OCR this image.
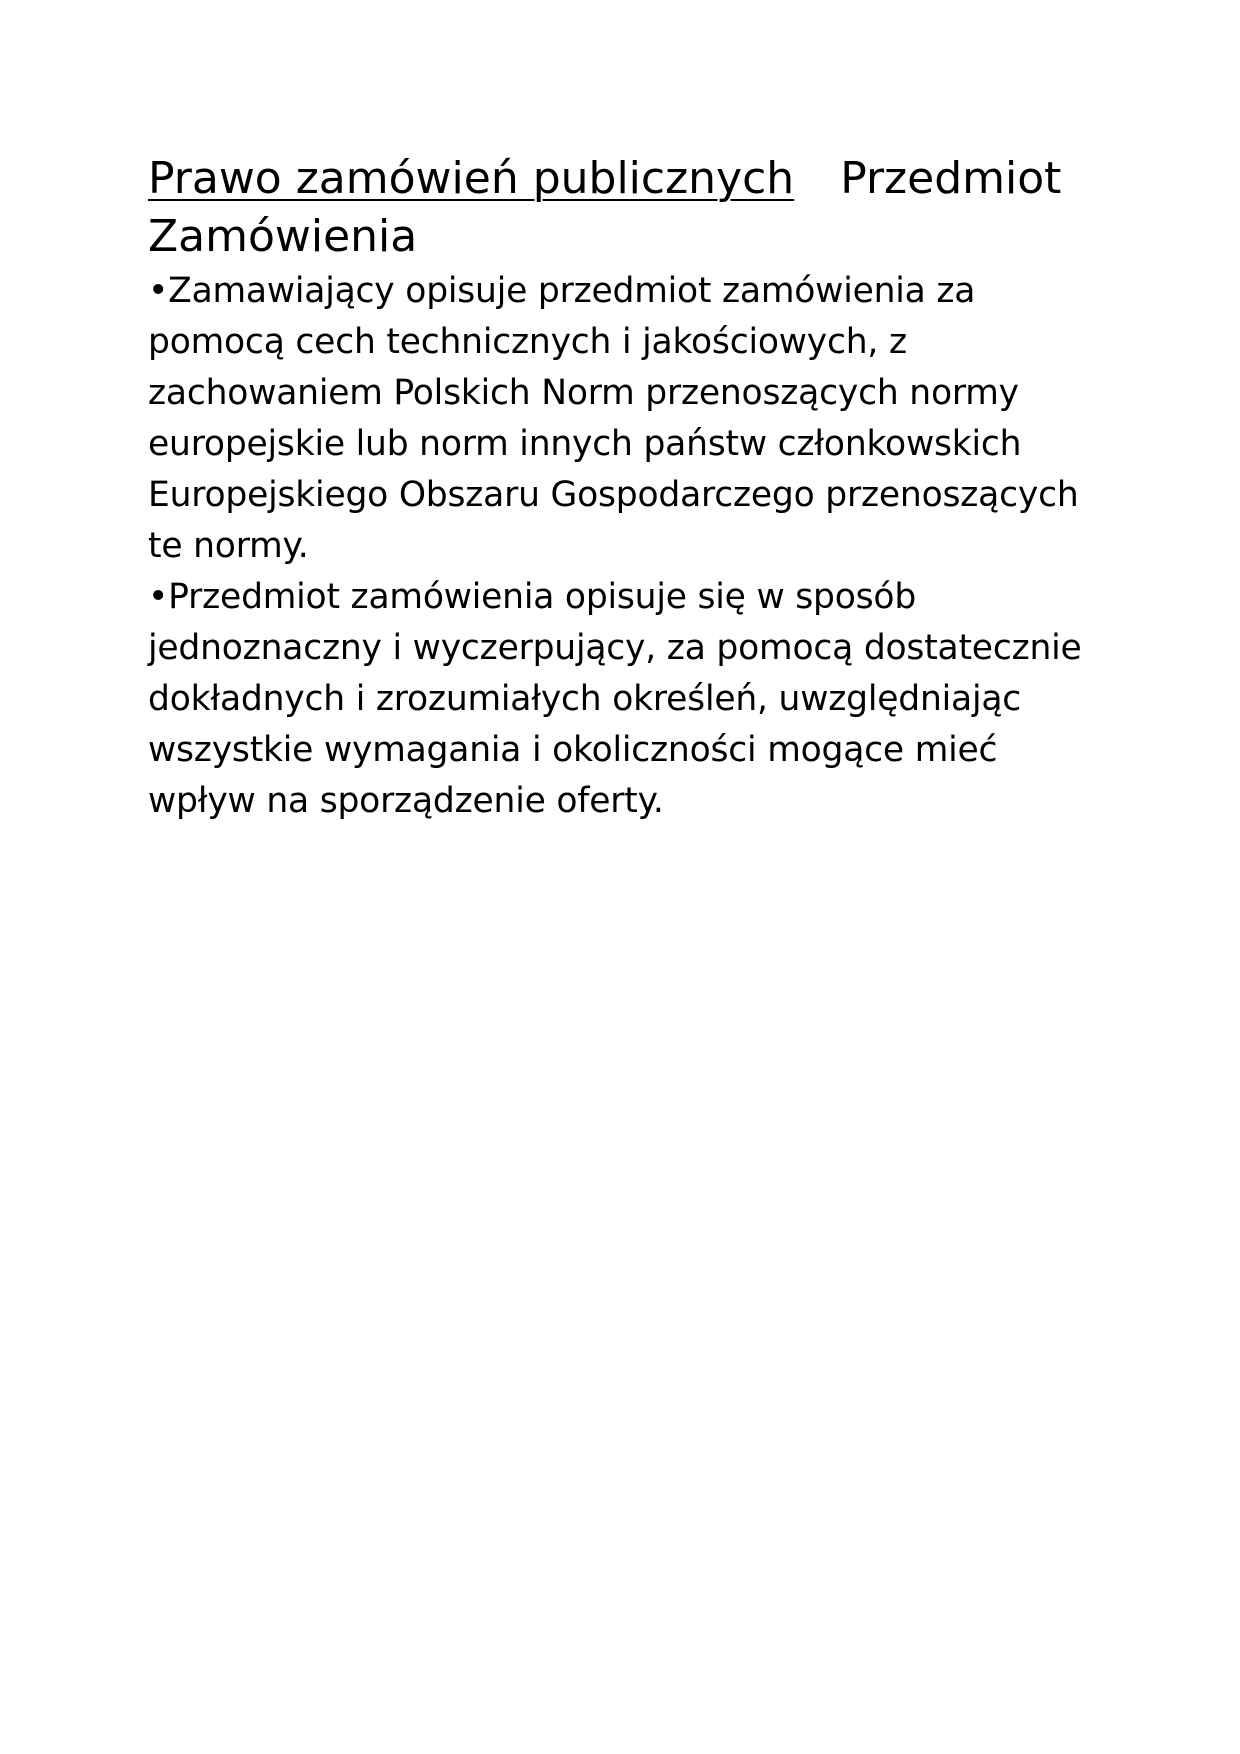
Prawo zamówień publicznych Przedmiot
Zamówienia

•Zamawiający opisuje przedmiot zamówienia za pomocą cech technicznych i jakościowych, z zachowaniem Polskich Norm przenoszących normy europejskie lub norm innych państw członkowskich Europejskiego Obszaru Gospodarczego przenoszących te normy.

•Przedmiot zamówienia opisuje się w sposób jednoznaczny i wyczerpujący, za pomocą dostatecznie dokładnych i zrozumiałych określeń, uwzględniając wszystkie wymagania i okoliczności mogące mieć wpływ na sporządzenie oferty.
